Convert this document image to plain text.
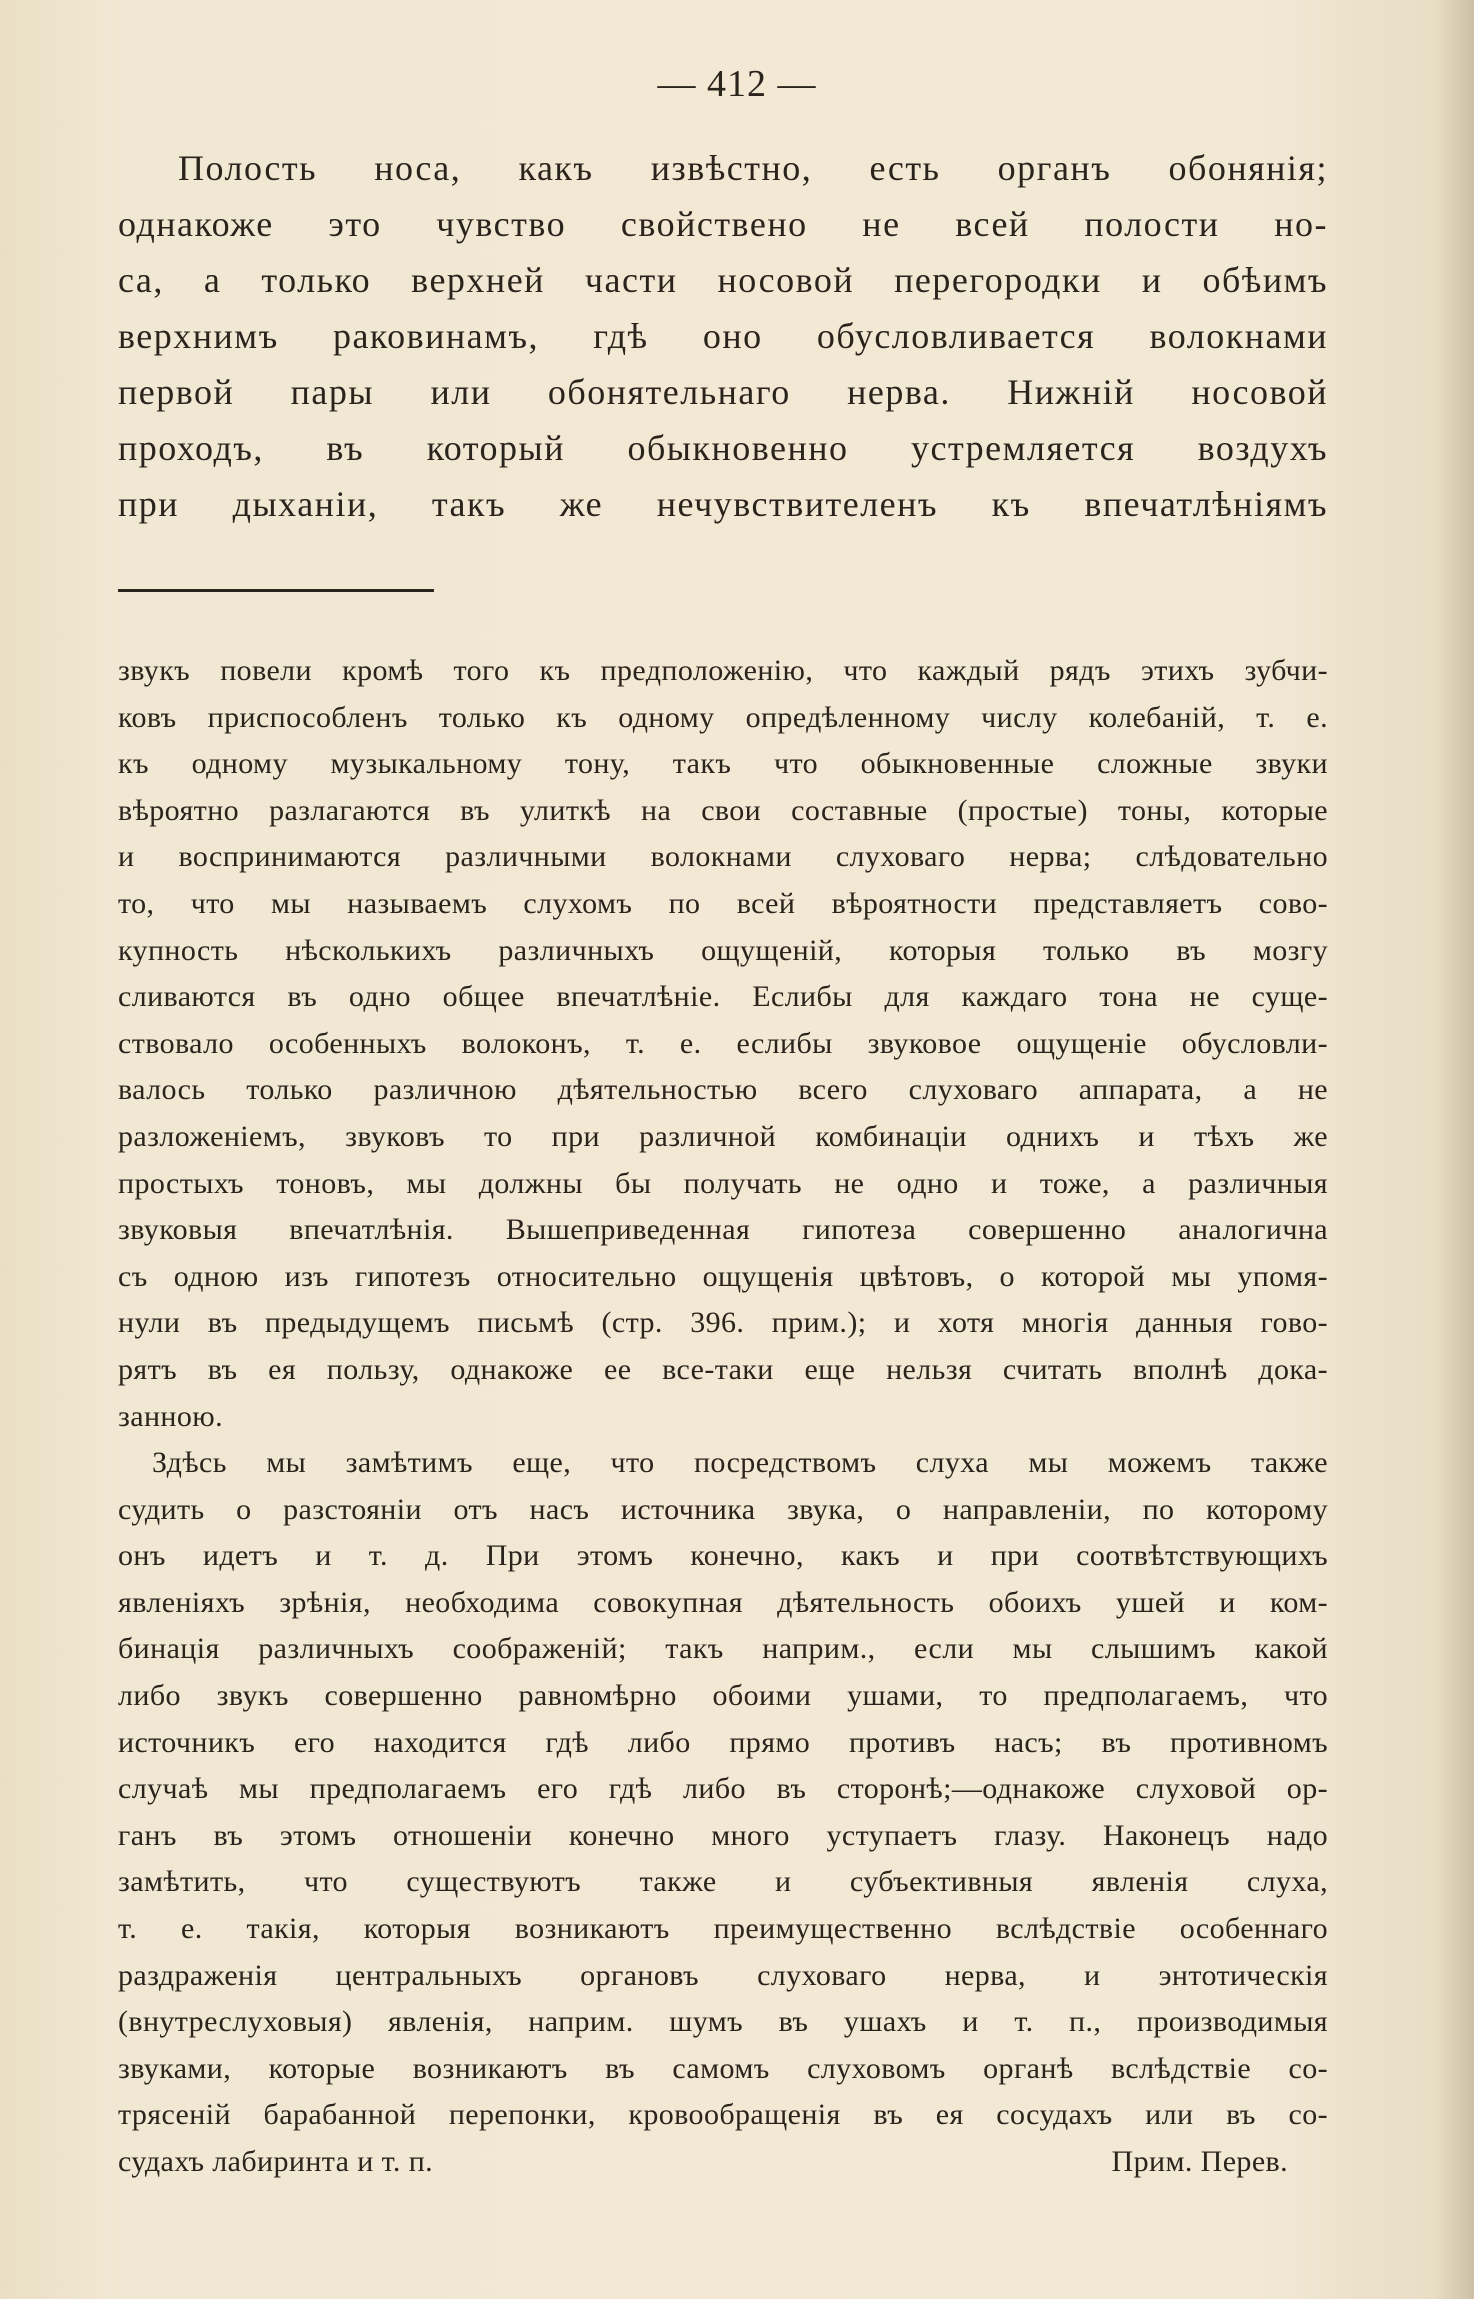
— 412 —
Полость носа, какъ извѣстно, есть органъ обонянія;
однакоже это чувство свойствено не всей полости но-
са, а только верхней части носовой перегородки и обѣимъ
верхнимъ раковинамъ, гдѣ оно обусловливается волокнами
первой пары или обонятельнаго нерва. Нижній носовой
проходъ, въ который обыкновенно устремляется воздухъ
при дыханіи, такъ же нечувствителенъ къ впечатлѣніямъ
звукъ повели кромѣ того къ предположенію, что каждый рядъ этихъ зубчи-
ковъ приспособленъ только къ одному опредѣленному числу колебаній, т. е.
къ одному музыкальному тону, такъ что обыкновенные сложные звуки
вѣроятно разлагаются въ улиткѣ на свои составные (простые) тоны, которые
и воспринимаются различными волокнами слуховаго нерва; слѣдовательно
то, что мы называемъ слухомъ по всей вѣроятности представляетъ сово-
купность нѣсколькихъ различныхъ ощущеній, которыя только въ мозгу
сливаются въ одно общее впечатлѣніе. Еслибы для каждаго тона не суще-
ствовало особенныхъ волоконъ, т. е. еслибы звуковое ощущеніе обусловли-
валось только различною дѣятельностью всего слуховаго аппарата, а не
разложеніемъ, звуковъ то при различной комбинаціи однихъ и тѣхъ же
простыхъ тоновъ, мы должны бы получать не одно и тоже, а различныя
звуковыя впечатлѣнія. Вышеприведенная гипотеза совершенно аналогична
съ одною изъ гипотезъ относительно ощущенія цвѣтовъ, о которой мы упомя-
нули въ предыдущемъ письмѣ (стр. 396. прим.); и хотя многія данныя гово-
рятъ въ ея пользу, однакоже ее все-таки еще нельзя считать вполнѣ дока-
занною.
Здѣсь мы замѣтимъ еще, что посредствомъ слуха мы можемъ также
судить о разстояніи отъ насъ источника звука, о направленіи, по которому
онъ идетъ и т. д. При этомъ конечно, какъ и при соотвѣтствующихъ
явленіяхъ зрѣнія, необходима совокупная дѣятельность обоихъ ушей и ком-
бинація различныхъ соображеній; такъ наприм., если мы слышимъ какой
либо звукъ совершенно равномѣрно обоими ушами, то предполагаемъ, что
источникъ его находится гдѣ либо прямо противъ насъ; въ противномъ
случаѣ мы предполагаемъ его гдѣ либо въ сторонѣ;—однакоже слуховой ор-
ганъ въ этомъ отношеніи конечно много уступаетъ глазу. Наконецъ надо
замѣтить, что существуютъ также и субъективныя явленія слуха,
т. е. такія, которыя возникаютъ преимущественно вслѣдствіе особеннаго
раздраженія центральныхъ органовъ слуховаго нерва, и энтотическія
(внутреслуховыя) явленія, наприм. шумъ въ ушахъ и т. п., производимыя
звуками, которые возникаютъ въ самомъ слуховомъ органѣ вслѣдствіе со-
трясеній барабанной перепонки, кровообращенія въ ея сосудахъ или въ со-
судахъ лабиринта и т. п.	Прим. Перев.
